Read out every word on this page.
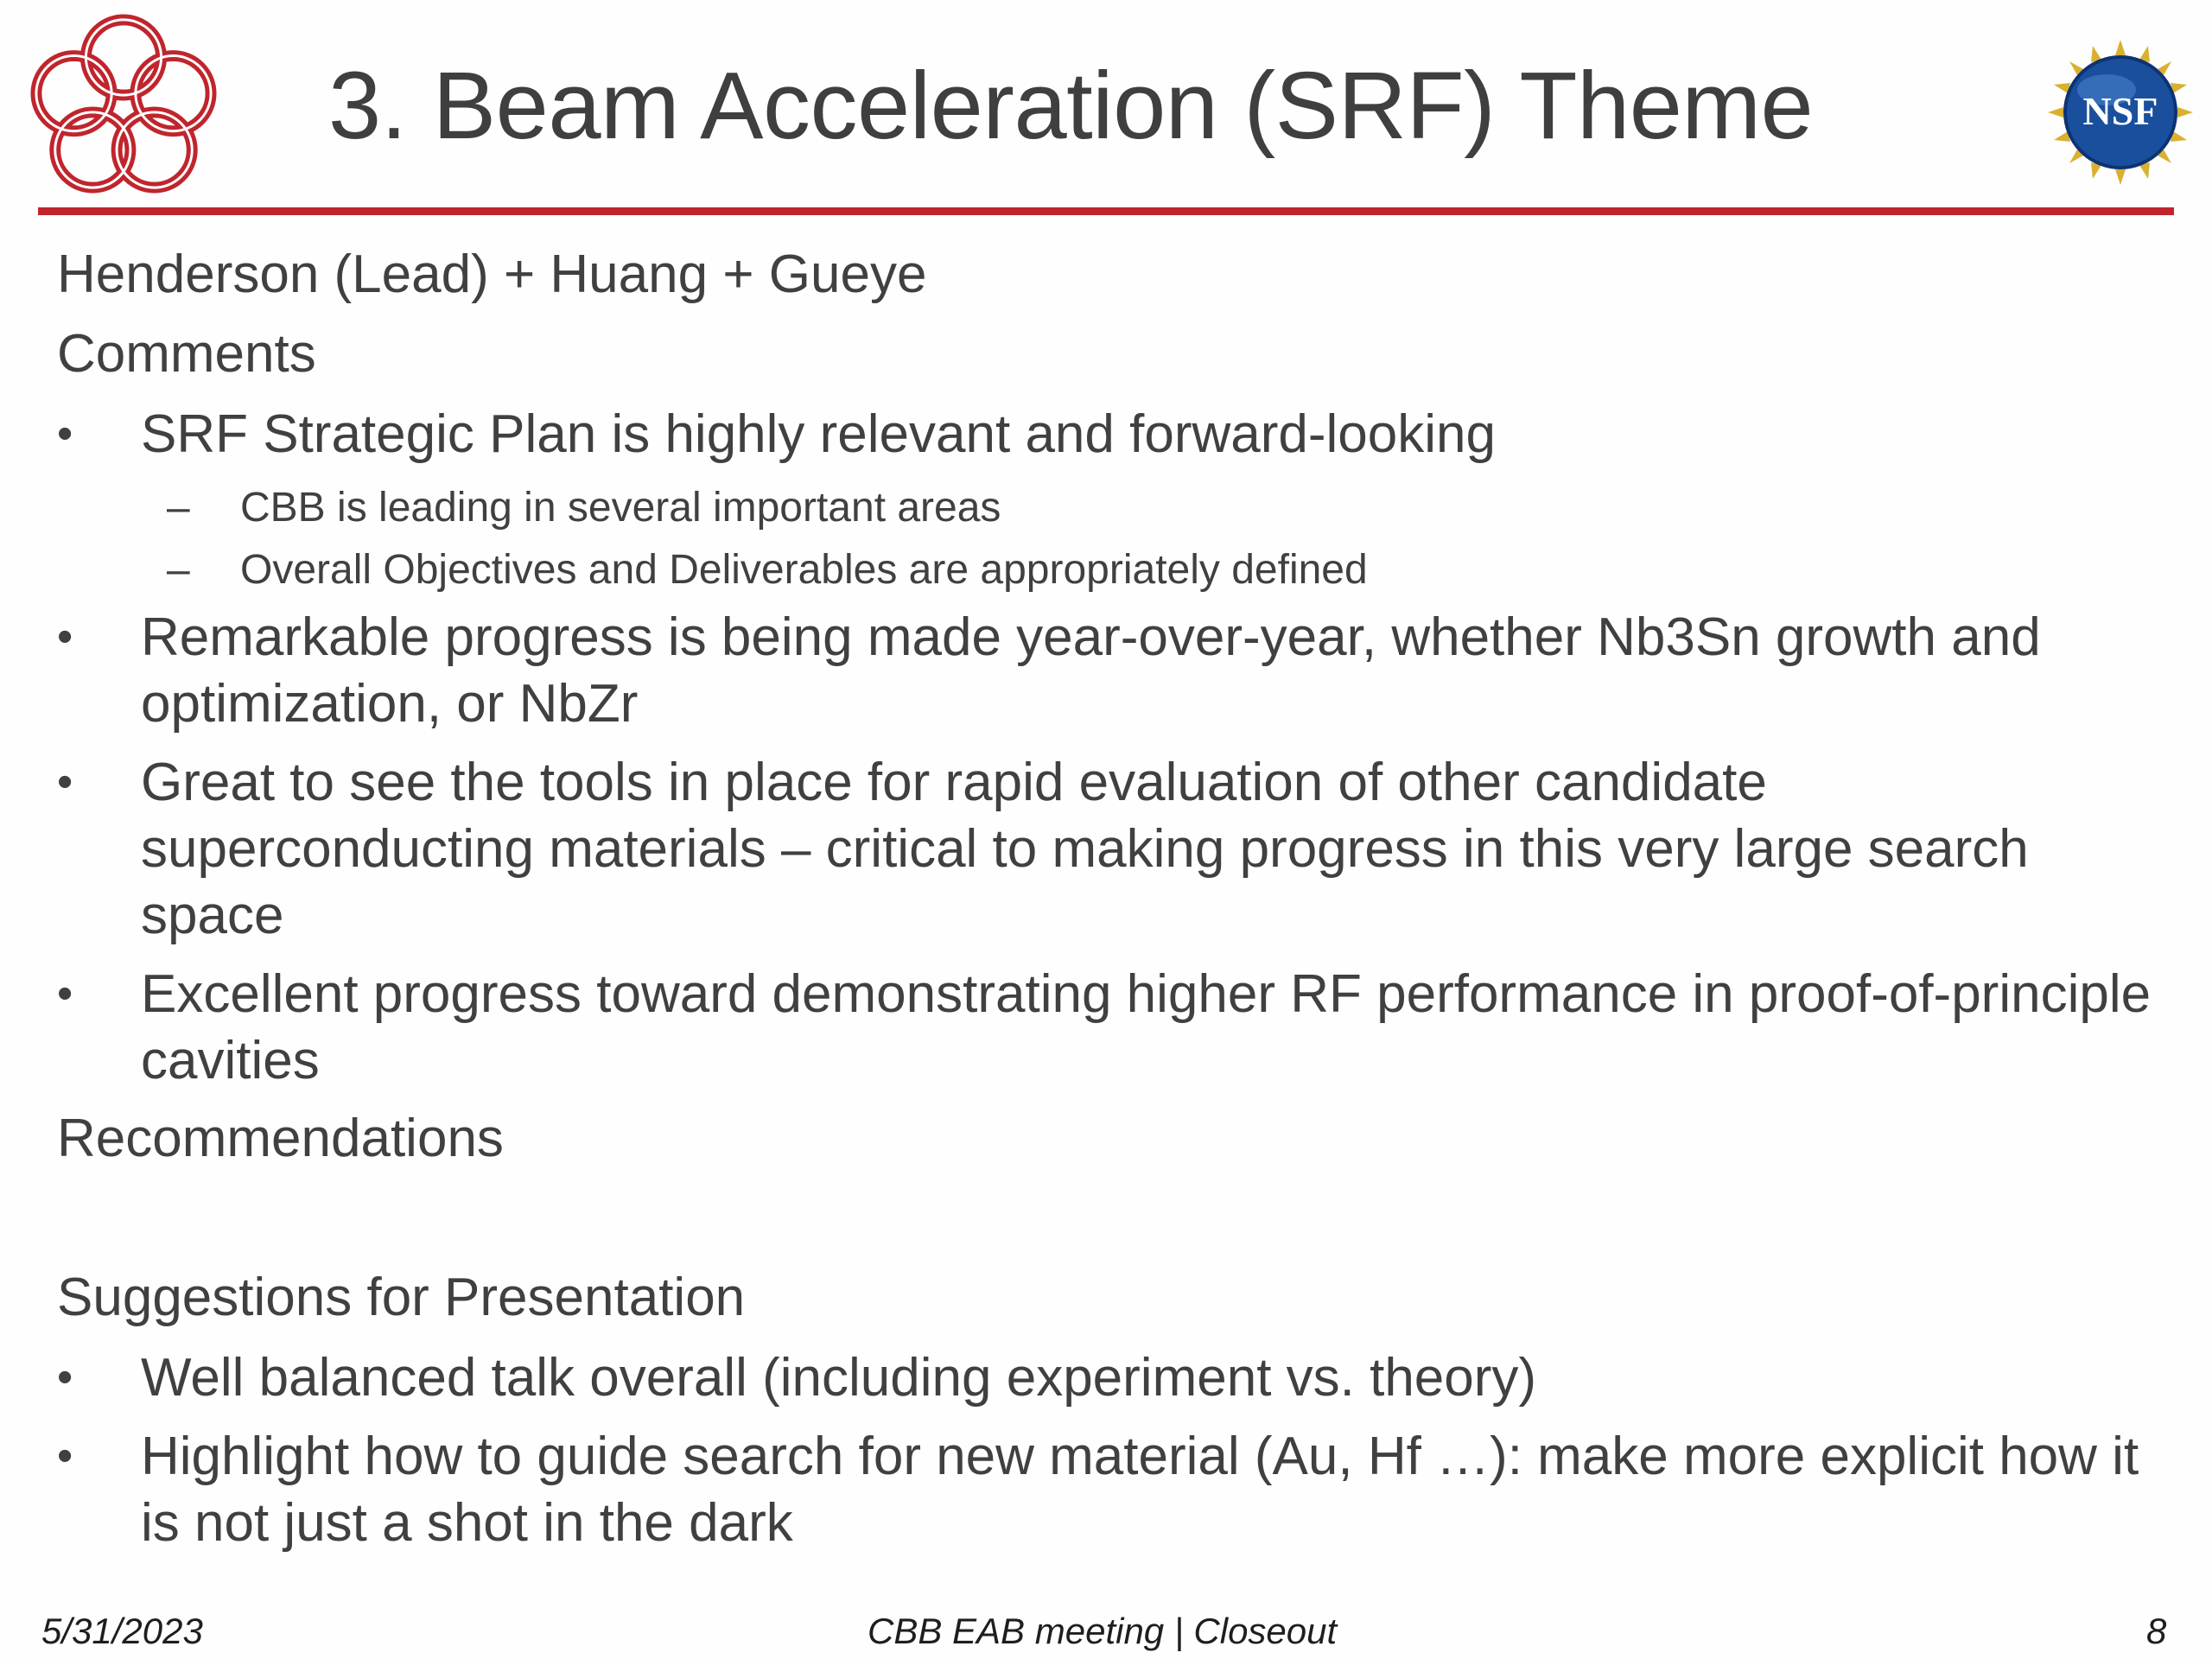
3. Beam Acceleration (SRF) Theme	NSF
Henderson (Lead) + Huang + Gueye
Comments
• SRF Strategic Plan is highly relevant and forward-looking
– CBB is leading in several important areas
– Overall Objectives and Deliverables are appropriately defined
• Remarkable progress is being made year-over-year, whether Nb3Sn growth and optimization, or NbZr
• Great to see the tools in place for rapid evaluation of other candidate superconducting materials – critical to making progress in this very large search space
• Excellent progress toward demonstrating higher RF performance in proof-of-principle cavities
Recommendations
Suggestions for Presentation
• Well balanced talk overall (including experiment vs. theory)
• Highlight how to guide search for new material (Au, Hf …): make more explicit how it is not just a shot in the dark
5/31/2023	CBB EAB meeting | Closeout	8
